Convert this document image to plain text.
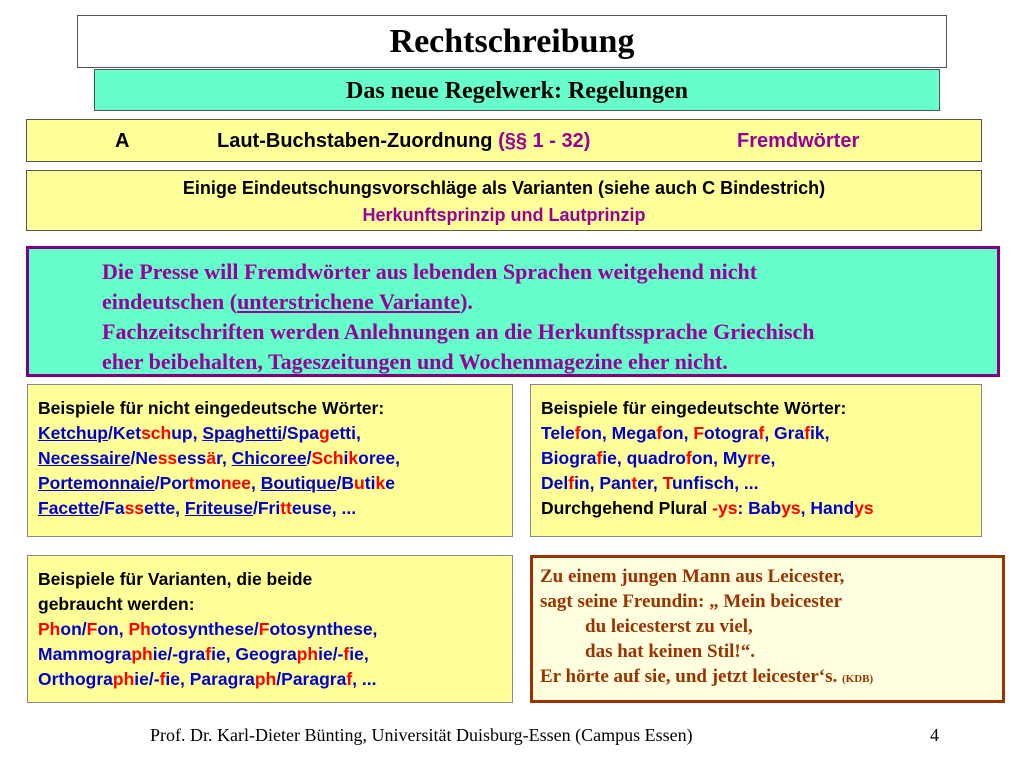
Rechtschreibung
Das neue Regelwerk: Regelungen
A	Laut-Buchstaben-Zuordnung (§§ 1 - 32)	Fremdwörter
Einige Eindeutschungsvorschläge als Varianten (siehe auch C Bindestrich)
Herkunftsprinzip und Lautprinzip
Die Presse will Fremdwörter aus lebenden Sprachen weitgehend nicht
eindeutschen (unterstrichene Variante).
Fachzeitschriften werden Anlehnungen an die Herkunftssprache Griechisch
eher beibehalten, Tageszeitungen und Wochenmagezine eher nicht.
Beispiele für nicht eingedeutsche Wörter:
Ketchup/Ketschup, Spaghetti/Spagetti,
Necessaire/Nessessär, Chicoree/Schikoree,
Portemonnaie/Portmonee, Boutique/Butike
Facette/Fassette, Friteuse/Fritteuse, ...
Beispiele für eingedeutschte Wörter:
Telefon, Megafon, Fotograf, Grafik,
Biografie, quadrofon, Myrre,
Delfin, Panter, Tunfisch, ...
Durchgehend Plural -ys: Babys, Handys
Beispiele für Varianten, die beide
gebraucht werden:
Phon/Fon, Photosynthese/Fotosynthese,
Mammographie/-grafie, Geographie/-fie,
Orthographie/-fie, Paragraph/Paragraf, ...
Zu einem jungen Mann aus Leicester,
sagt seine Freundin: „ Mein beicester
du leicesterst zu viel,
das hat keinen Stil!“.
Er hörte auf sie, und jetzt leicester‘s. (KDB)
Prof. Dr. Karl-Dieter Bünting, Universität Duisburg-Essen (Campus Essen)	4
